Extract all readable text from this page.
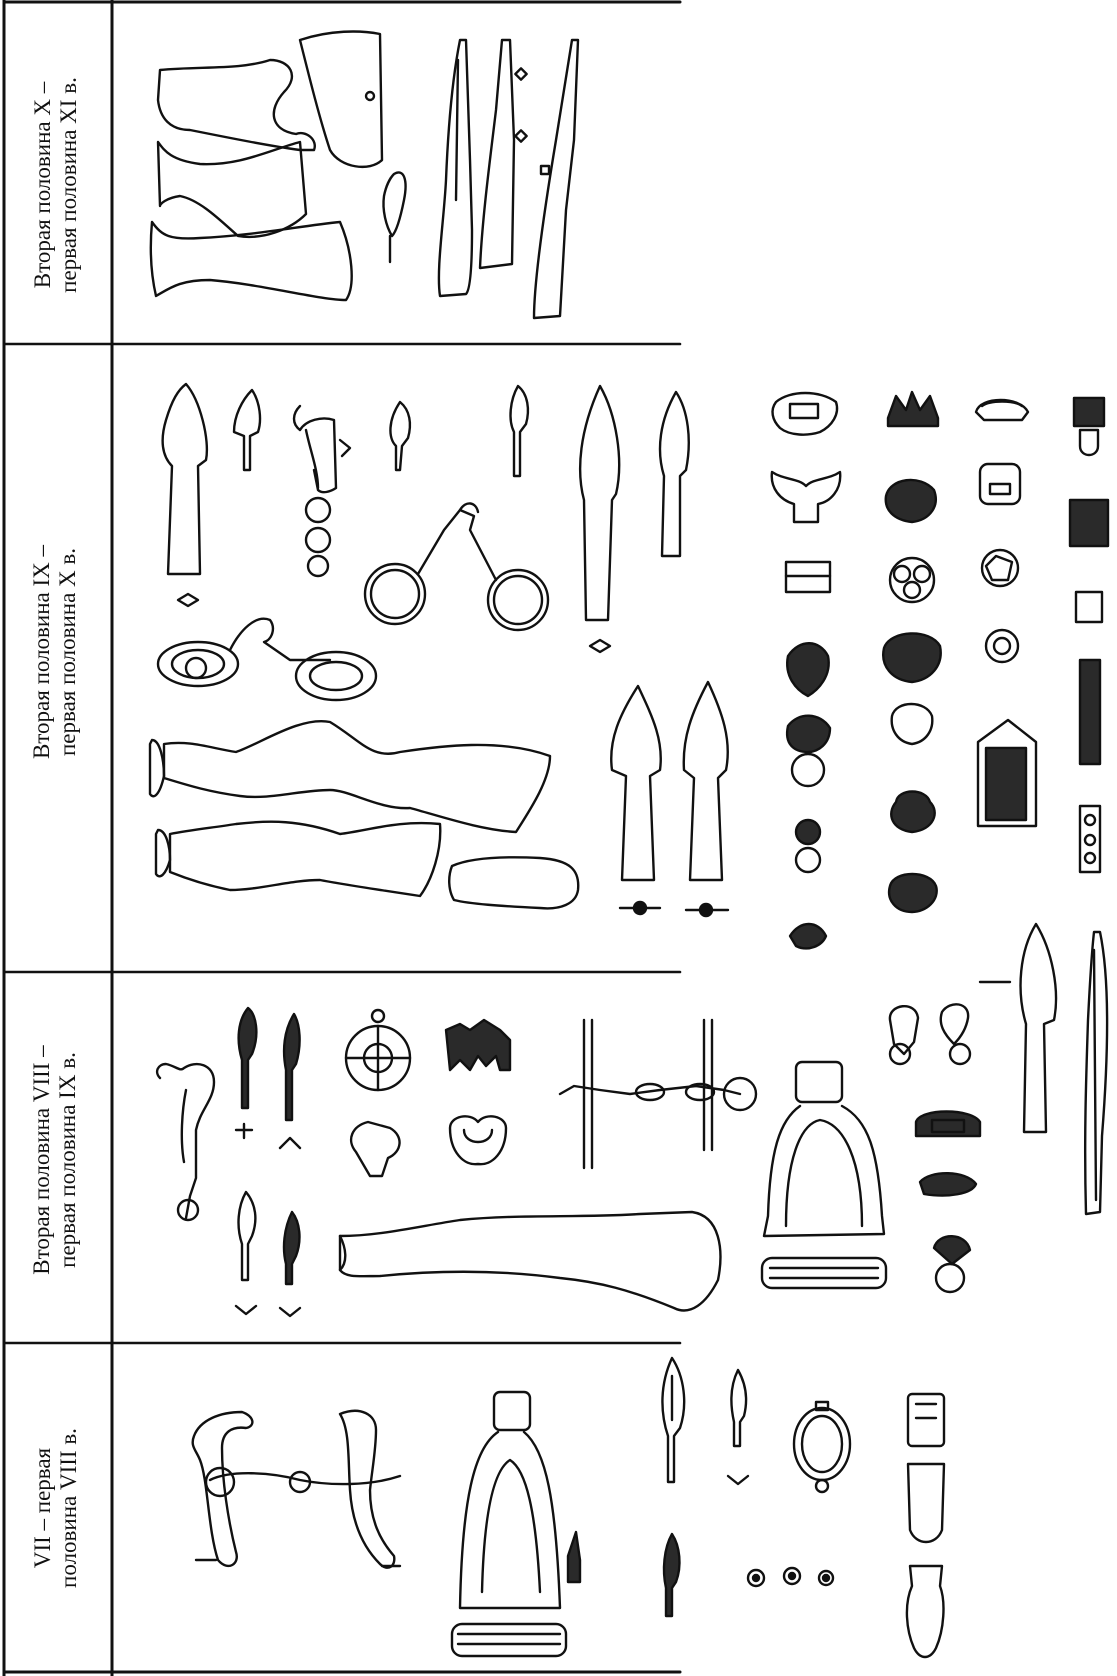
Вторая половина X – первая половина XI в.
Вторая половина IX – первая половина X в.
Вторая половина VIII – первая половина IX в.
VII – первая половина VIII в.
